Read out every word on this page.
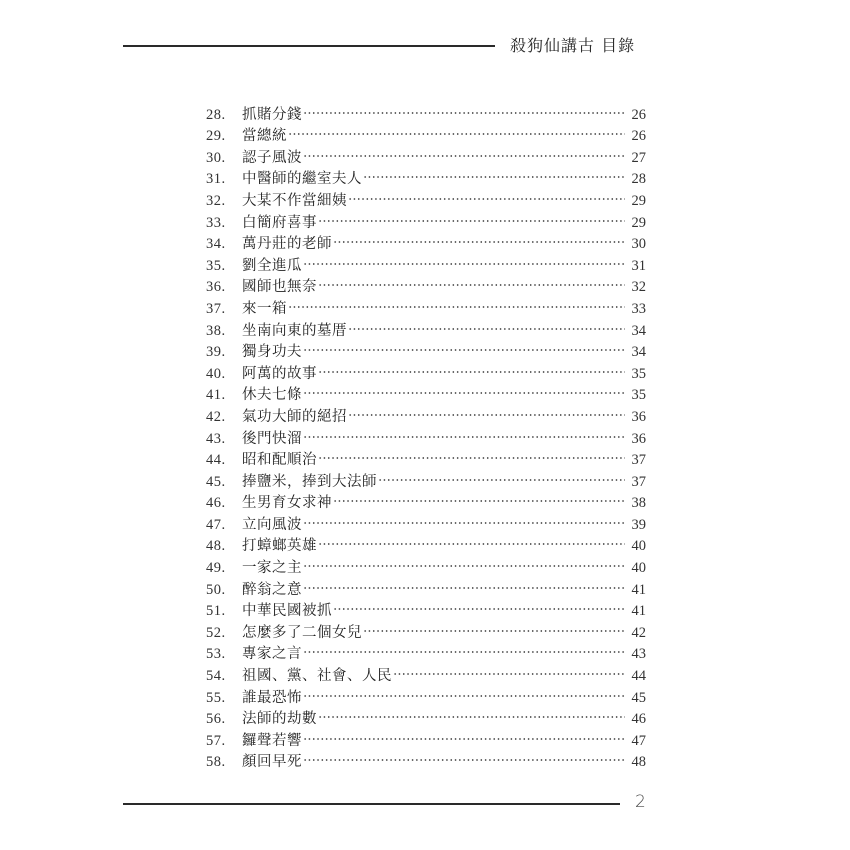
殺狗仙講古 目錄
28.	抓賭分錢	26
29.	當總統	26
30.	認子風波	27
31.	中醫師的繼室夫人	28
32.	大某不作當細姨	29
33.	白簡府喜事	29
34.	萬丹莊的老師	30
35.	劉全進瓜	31
36.	國師也無奈	32
37.	來一箱	33
38.	坐南向東的墓厝	34
39.	獨身功夫	34
40.	阿萬的故事	35
41.	休夫七條	35
42.	氣功大師的絕招	36
43.	後門快溜	36
44.	昭和配順治	37
45.	捧鹽米，捧到大法師	37
46.	生男育女求神	38
47.	立向風波	39
48.	打蟑螂英雄	40
49.	一家之主	40
50.	醉翁之意	41
51.	中華民國被抓	41
52.	怎麼多了二個女兒	42
53.	專家之言	43
54.	祖國、黨、社會、人民	44
55.	誰最恐怖	45
56.	法師的劫數	46
57.	鑼聲若響	47
58.	顏回早死	48
2
